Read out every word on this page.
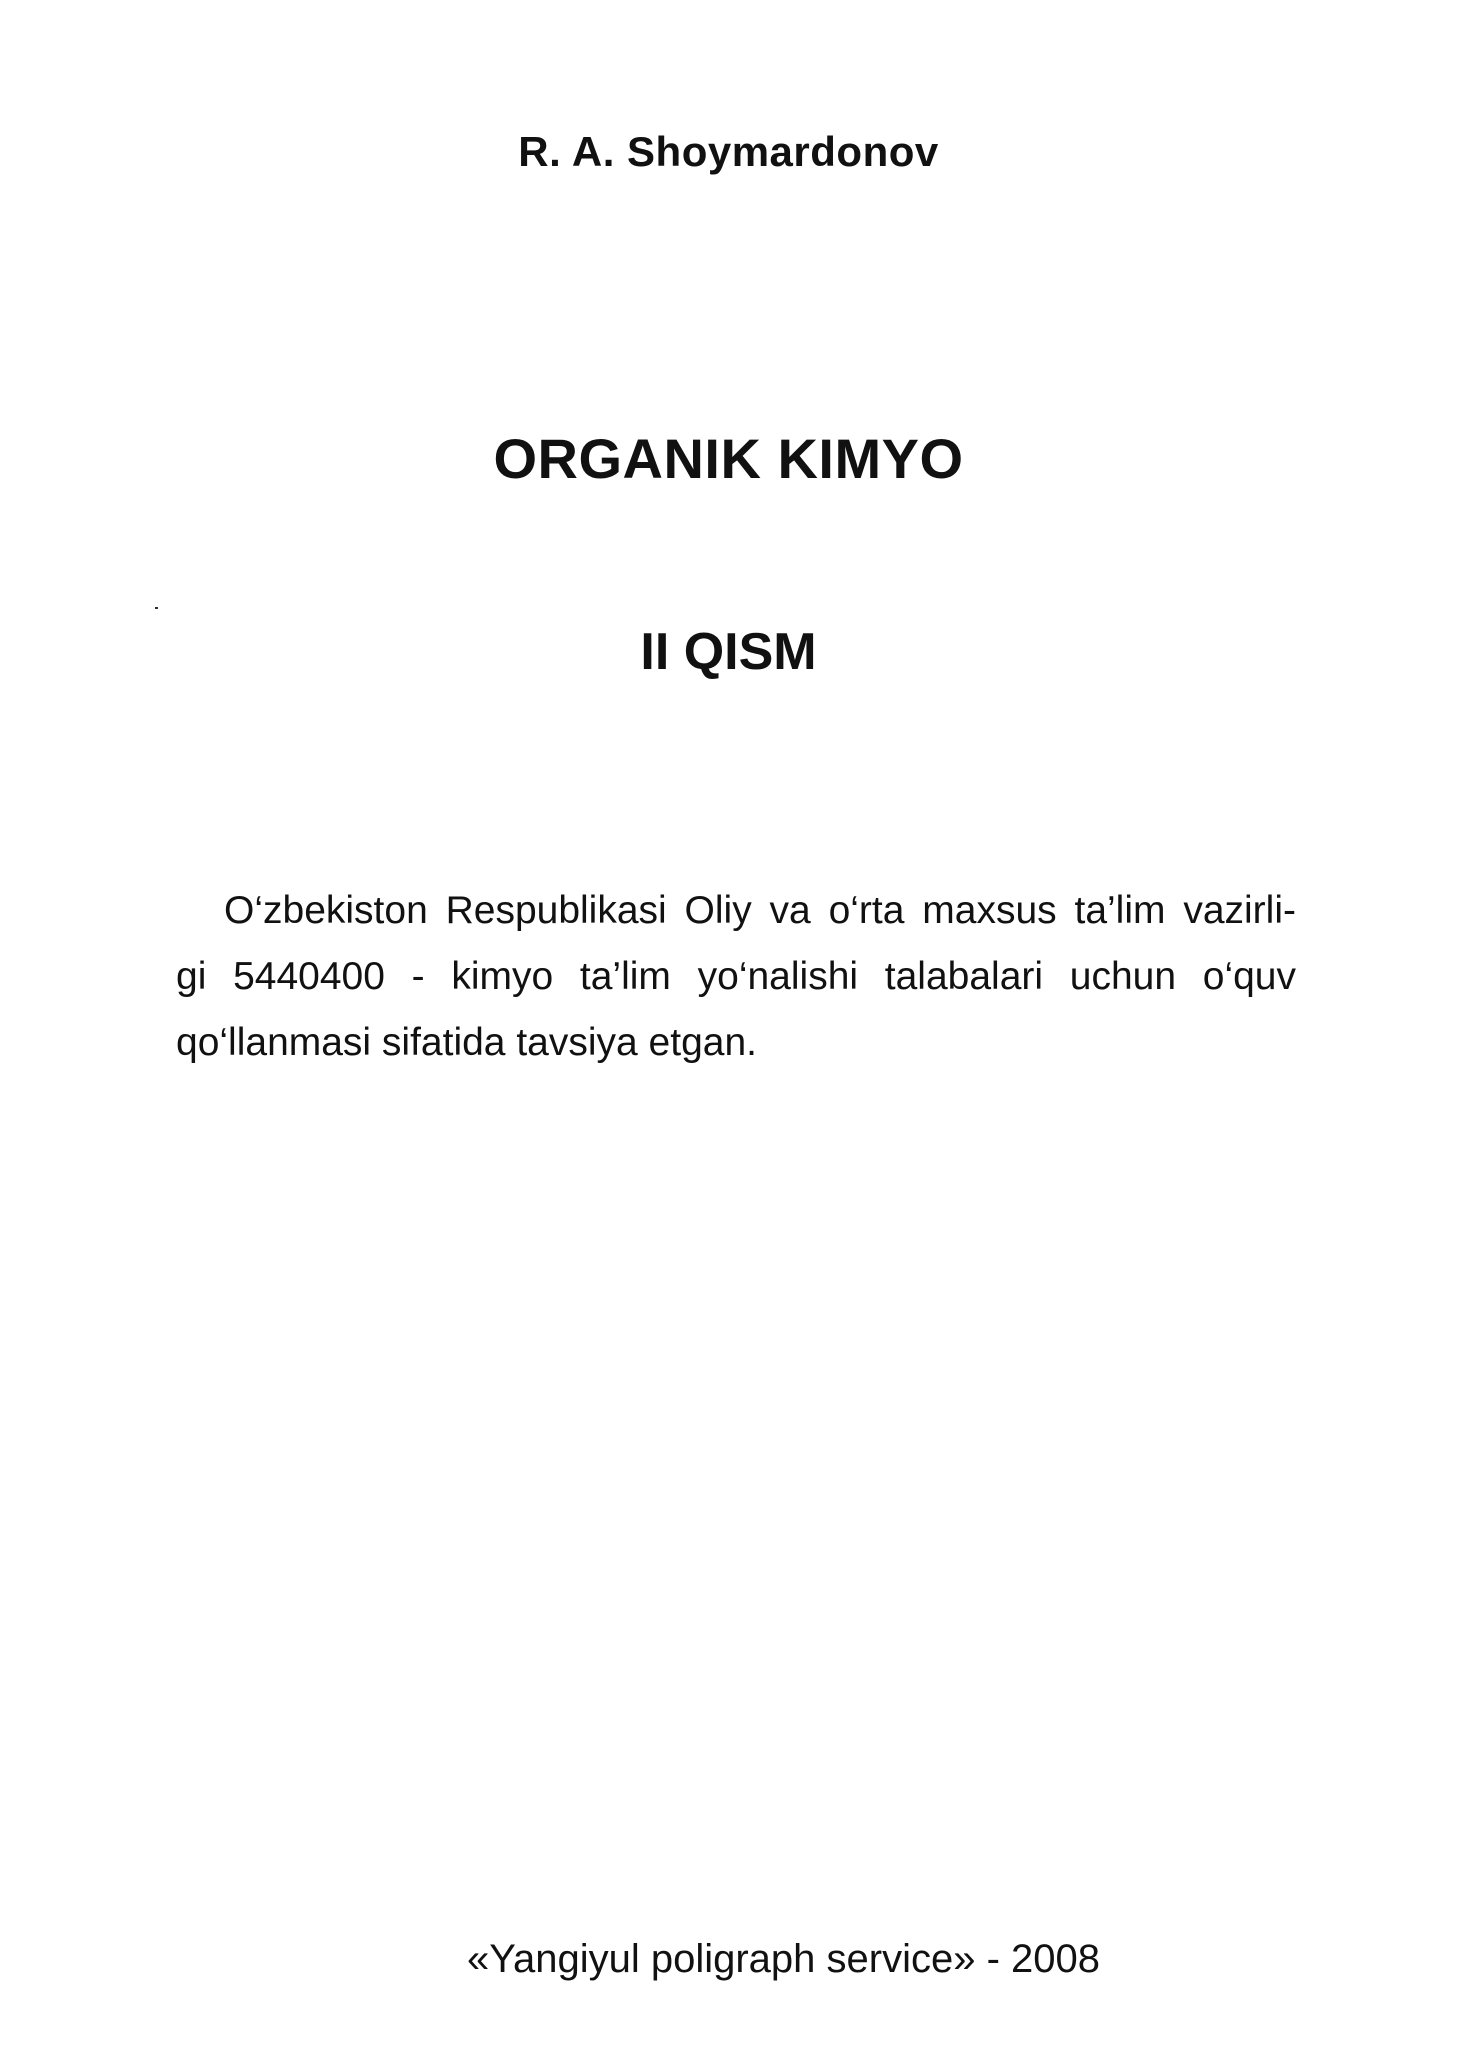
R. A. Shoymardonov
ORGANIK KIMYO
II QISM
O‘zbekiston Respublikasi Oliy va o‘rta maxsus ta’lim vazirli-
gi 5440400 - kimyo ta’lim yo‘nalishi talabalari uchun o‘quv
qo‘llanmasi sifatida tavsiya etgan.
«Yangiyul poligraph service» - 2008
